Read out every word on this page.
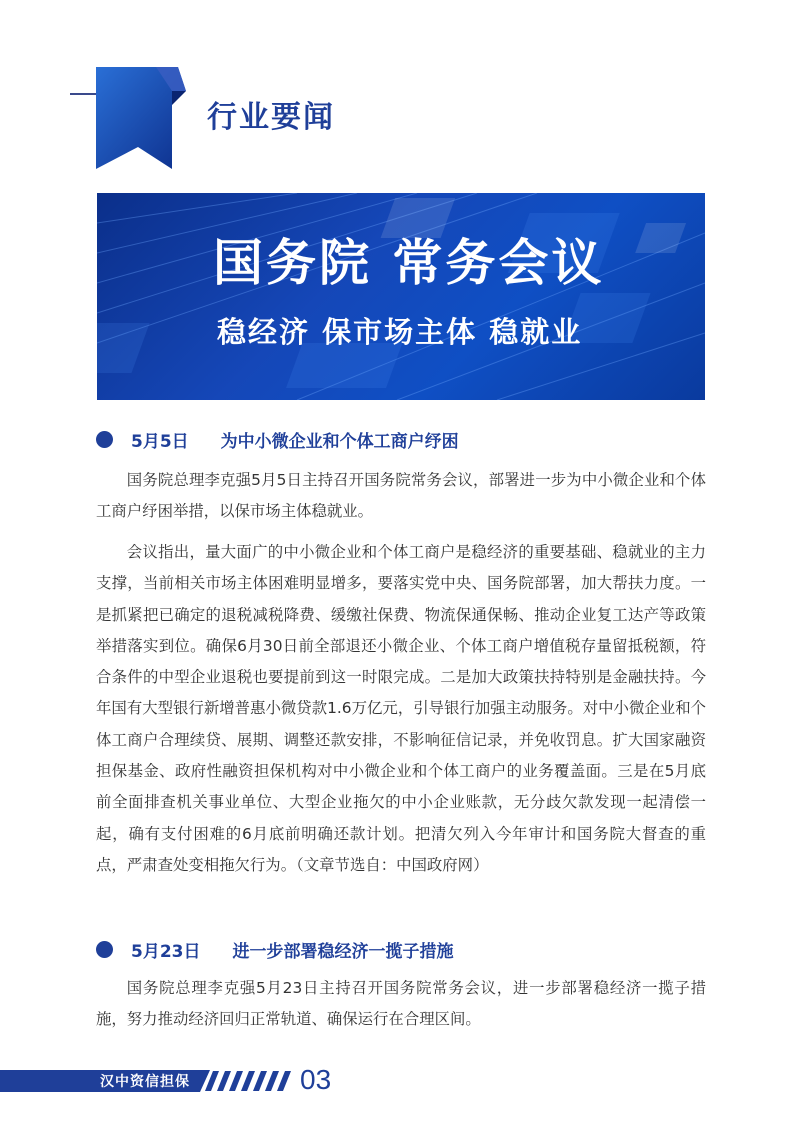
行业要闻
国务院 常务会议
稳经济 保市场主体 稳就业
5月5日 为中小微企业和个体工商户纾困
国务院总理李克强5月5日主持召开国务院常务会议，部署进一步为中小微企业和个体工商户纾困举措，以保市场主体稳就业。
会议指出，量大面广的中小微企业和个体工商户是稳经济的重要基础、稳就业的主力支撑，当前相关市场主体困难明显增多，要落实党中央、国务院部署，加大帮扶力度。一是抓紧把已确定的退税减税降费、缓缴社保费、物流保通保畅、推动企业复工达产等政策举措落实到位。确保6月30日前全部退还小微企业、个体工商户增值税存量留抵税额，符合条件的中型企业退税也要提前到这一时限完成。二是加大政策扶持特别是金融扶持。今年国有大型银行新增普惠小微贷款1.6万亿元，引导银行加强主动服务。对中小微企业和个体工商户合理续贷、展期、调整还款安排，不影响征信记录，并免收罚息。扩大国家融资担保基金、政府性融资担保机构对中小微企业和个体工商户的业务覆盖面。三是在5月底前全面排查机关事业单位、大型企业拖欠的中小企业账款，无分歧欠款发现一起清偿一起，确有支付困难的6月底前明确还款计划。把清欠列入今年审计和国务院大督查的重点，严肃查处变相拖欠行为。（文章节选自：中国政府网）
5月23日 进一步部署稳经济一揽子措施
国务院总理李克强5月23日主持召开国务院常务会议，进一步部署稳经济一揽子措施，努力推动经济回归正常轨道、确保运行在合理区间。
汉中资信担保	03
